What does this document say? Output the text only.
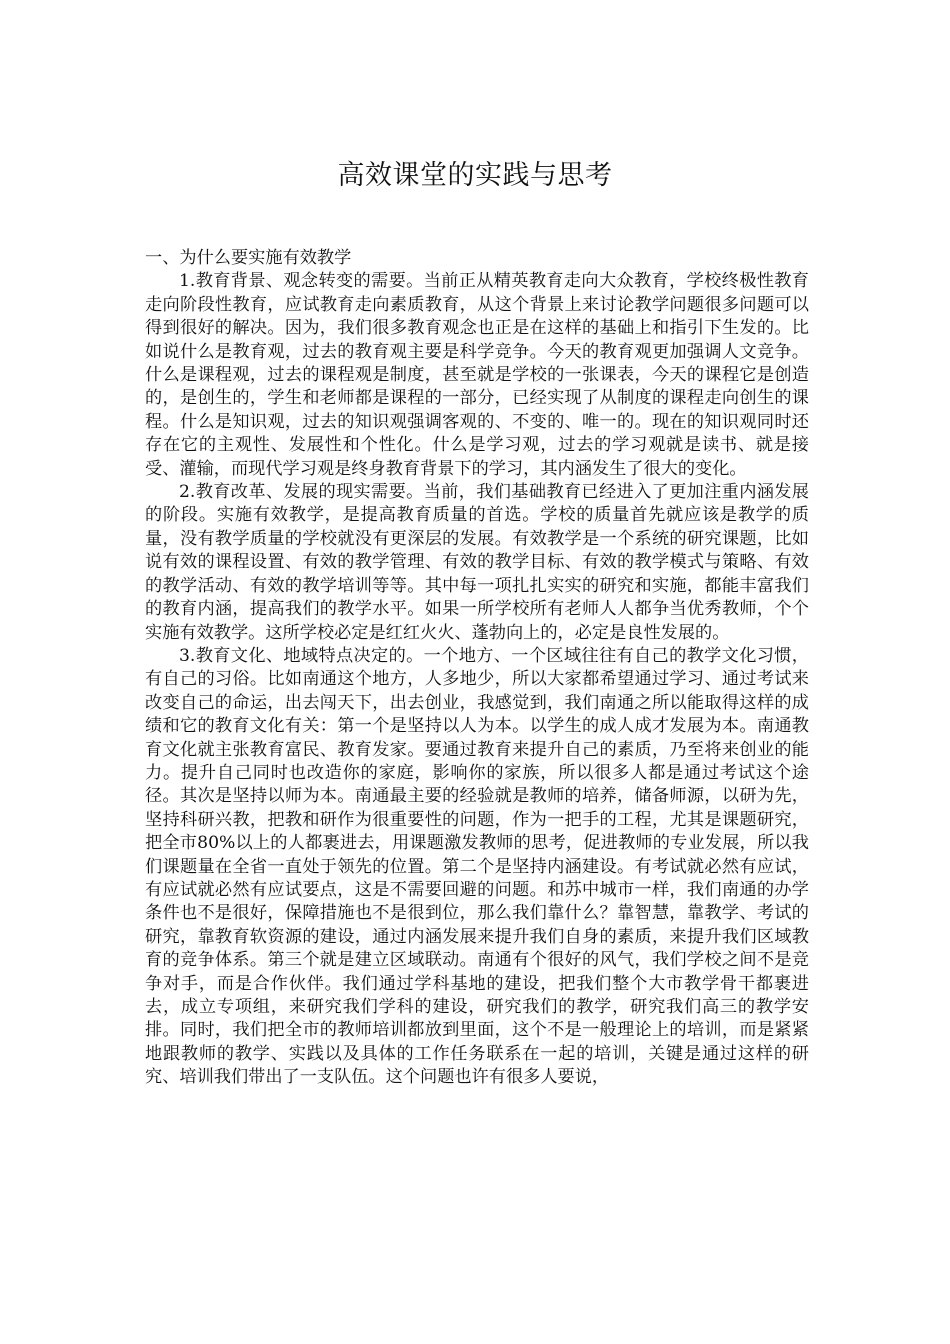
高效课堂的实践与思考

一、为什么要实施有效教学

1.教育背景、观念转变的需要。当前正从精英教育走向大众教育，学校终极性教育走向阶段性教育，应试教育走向素质教育，从这个背景上来讨论教学问题很多问题可以得到很好的解决。因为，我们很多教育观念也正是在这样的基础上和指引下生发的。比如说什么是教育观，过去的教育观主要是科学竞争。今天的教育观更加强调人文竞争。什么是课程观，过去的课程观是制度，甚至就是学校的一张课表，今天的课程它是创造的，是创生的，学生和老师都是课程的一部分，已经实现了从制度的课程走向创生的课程。什么是知识观，过去的知识观强调客观的、不变的、唯一的。现在的知识观同时还存在它的主观性、发展性和个性化。什么是学习观，过去的学习观就是读书、就是接受、灌输，而现代学习观是终身教育背景下的学习，其内涵发生了很大的变化。

2.教育改革、发展的现实需要。当前，我们基础教育已经进入了更加注重内涵发展的阶段。实施有效教学，是提高教育质量的首选。学校的质量首先就应该是教学的质量，没有教学质量的学校就没有更深层的发展。有效教学是一个系统的研究课题，比如说有效的课程设置、有效的教学管理、有效的教学目标、有效的教学模式与策略、有效的教学活动、有效的教学培训等等。其中每一项扎扎实实的研究和实施，都能丰富我们的教育内涵，提高我们的教学水平。如果一所学校所有老师人人都争当优秀教师，个个实施有效教学。这所学校必定是红红火火、蓬勃向上的，必定是良性发展的。

3.教育文化、地域特点决定的。一个地方、一个区域往往有自己的教学文化习惯，有自己的习俗。比如南通这个地方，人多地少，所以大家都希望通过学习、通过考试来改变自己的命运，出去闯天下，出去创业，我感觉到，我们南通之所以能取得这样的成绩和它的教育文化有关：第一个是坚持以人为本。以学生的成人成才发展为本。南通教育文化就主张教育富民、教育发家。要通过教育来提升自己的素质，乃至将来创业的能力。提升自己同时也改造你的家庭，影响你的家族，所以很多人都是通过考试这个途径。其次是坚持以师为本。南通最主要的经验就是教师的培养，储备师源，以研为先，坚持科研兴教，把教和研作为很重要性的问题，作为一把手的工程，尤其是课题研究，把全市80%以上的人都裹进去，用课题激发教师的思考，促进教师的专业发展，所以我们课题量在全省一直处于领先的位置。第二个是坚持内涵建设。有考试就必然有应试，有应试就必然有应试要点，这是不需要回避的问题。和苏中城市一样，我们南通的办学条件也不是很好，保障措施也不是很到位，那么我们靠什么？靠智慧，靠教学、考试的研究，靠教育软资源的建设，通过内涵发展来提升我们自身的素质，来提升我们区域教育的竞争体系。第三个就是建立区域联动。南通有个很好的风气，我们学校之间不是竞争对手，而是合作伙伴。我们通过学科基地的建设，把我们整个大市教学骨干都裹进去，成立专项组，来研究我们学科的建设，研究我们的教学，研究我们高三的教学安排。同时，我们把全市的教师培训都放到里面，这个不是一般理论上的培训，而是紧紧地跟教师的教学、实践以及具体的工作任务联系在一起的培训，关键是通过这样的研究、培训我们带出了一支队伍。这个问题也许有很多人要说，
